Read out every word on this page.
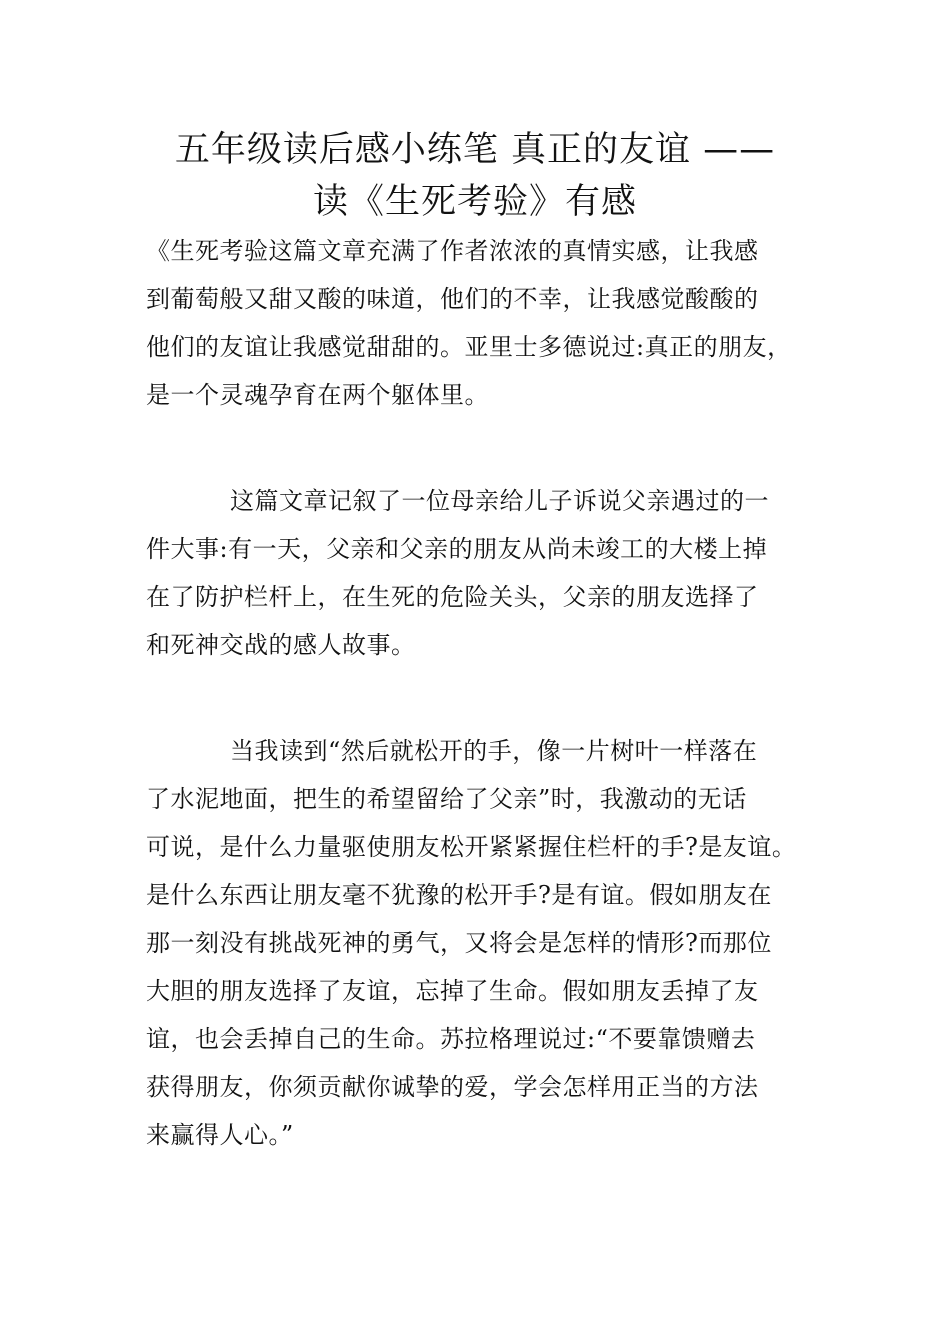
五年级读后感小练笔 真正的友谊 ——
读《生死考验》有感
《生死考验这篇文章充满了作者浓浓的真情实感，让我感
到葡萄般又甜又酸的味道，他们的不幸，让我感觉酸酸的
他们的友谊让我感觉甜甜的。亚里士多德说过:真正的朋友，
是一个灵魂孕育在两个躯体里。
这篇文章记叙了一位母亲给儿子诉说父亲遇过的一
件大事:有一天，父亲和父亲的朋友从尚未竣工的大楼上掉
在了防护栏杆上，在生死的危险关头，父亲的朋友选择了
和死神交战的感人故事。
当我读到“然后就松开的手，像一片树叶一样落在
了水泥地面，把生的希望留给了父亲”时，我激动的无话
可说，是什么力量驱使朋友松开紧紧握住栏杆的手?是友谊。
是什么东西让朋友毫不犹豫的松开手?是有谊。假如朋友在
那一刻没有挑战死神的勇气，又将会是怎样的情形?而那位
大胆的朋友选择了友谊，忘掉了生命。假如朋友丢掉了友
谊，也会丢掉自己的生命。苏拉格理说过:“不要靠馈赠去
获得朋友，你须贡献你诚挚的爱，学会怎样用正当的方法
来赢得人心。”
